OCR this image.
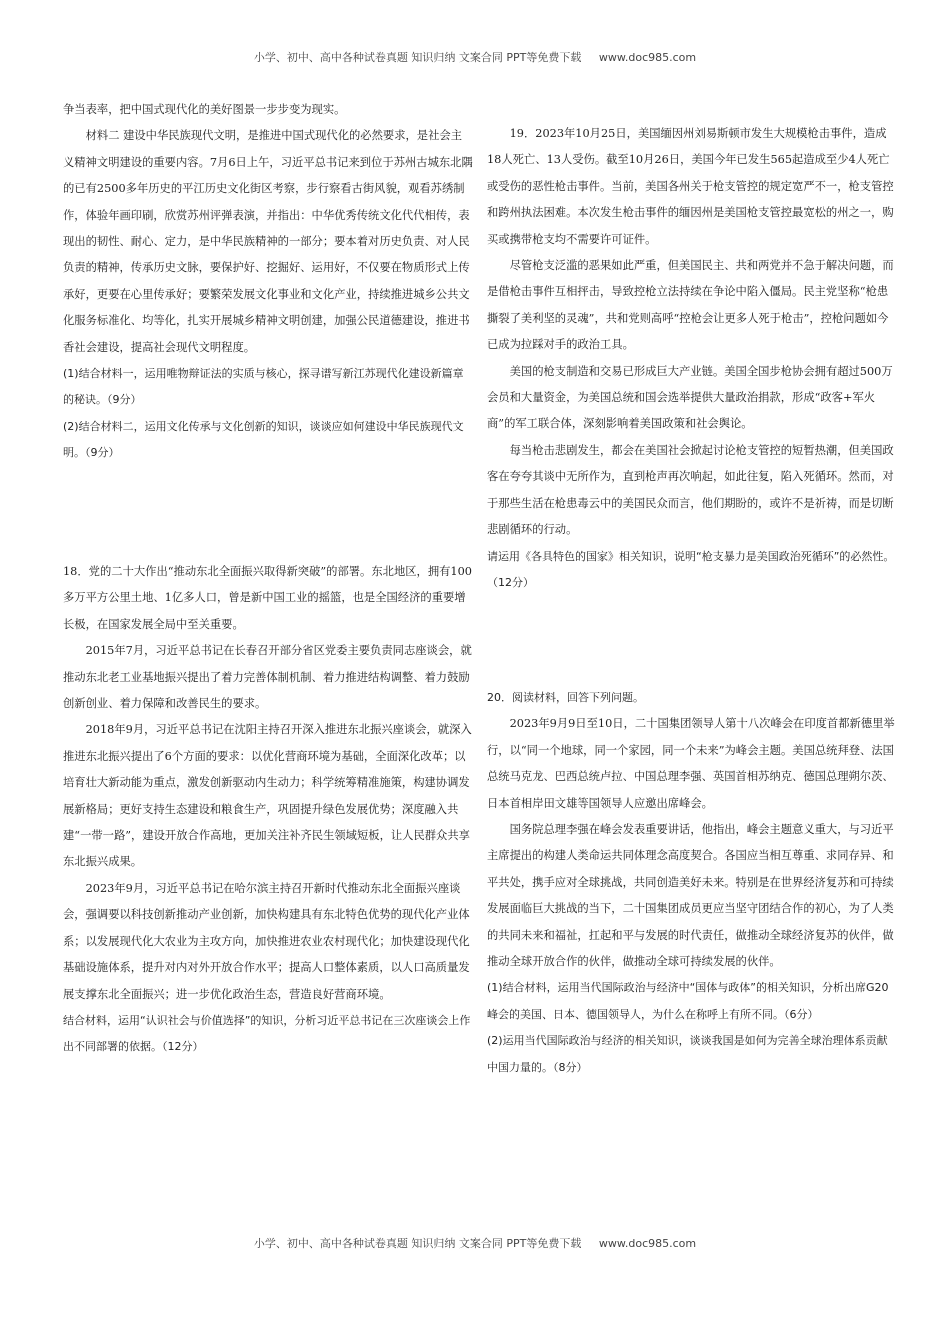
小学、初中、高中各种试卷真题 知识归纳 文案合同 PPT等免费下载 www.doc985.com

争当表率，把中国式现代化的美好图景一步步变为现实。

材料二 建设中华民族现代文明，是推进中国式现代化的必然要求，是社会主义精神文明建设的重要内容。7月6日上午，习近平总书记来到位于苏州古城东北隅的已有2500多年历史的平江历史文化街区考察，步行察看古街风貌，观看苏绣制作，体验年画印刷，欣赏苏州评弹表演，并指出：中华优秀传统文化代代相传，表现出的韧性、耐心、定力，是中华民族精神的一部分；要本着对历史负责、对人民负责的精神，传承历史文脉，要保护好、挖掘好、运用好，不仅要在物质形式上传承好，更要在心里传承好；要繁荣发展文化事业和文化产业，持续推进城乡公共文化服务标准化、均等化，扎实开展城乡精神文明创建，加强公民道德建设，推进书香社会建设，提高社会现代文明程度。

(1)结合材料一，运用唯物辩证法的实质与核心，探寻谱写新江苏现代化建设新篇章的秘诀。（9分）

(2)结合材料二，运用文化传承与文化创新的知识，谈谈应如何建设中华民族现代文明。（9分）

18．党的二十大作出“推动东北全面振兴取得新突破”的部署。东北地区，拥有100多万平方公里土地、1亿多人口，曾是新中国工业的摇篮，也是全国经济的重要增长极，在国家发展全局中至关重要。

2015年7月，习近平总书记在长春召开部分省区党委主要负责同志座谈会，就推动东北老工业基地振兴提出了着力完善体制机制、着力推进结构调整、着力鼓励创新创业、着力保障和改善民生的要求。

2018年9月，习近平总书记在沈阳主持召开深入推进东北振兴座谈会，就深入推进东北振兴提出了6个方面的要求：以优化营商环境为基础，全面深化改革；以培育壮大新动能为重点，激发创新驱动内生动力；科学统筹精准施策，构建协调发展新格局；更好支持生态建设和粮食生产，巩固提升绿色发展优势；深度融入共建“一带一路”，建设开放合作高地，更加关注补齐民生领域短板，让人民群众共享东北振兴成果。

2023年9月，习近平总书记在哈尔滨主持召开新时代推动东北全面振兴座谈会，强调要以科技创新推动产业创新，加快构建具有东北特色优势的现代化产业体系；以发展现代化大农业为主攻方向，加快推进农业农村现代化；加快建设现代化基础设施体系，提升对内对外开放合作水平；提高人口整体素质，以人口高质量发展支撑东北全面振兴；进一步优化政治生态，营造良好营商环境。

结合材料，运用“认识社会与价值选择”的知识，分析习近平总书记在三次座谈会上作出不同部署的依据。（12分）

19．2023年10月25日，美国缅因州刘易斯顿市发生大规模枪击事件，造成18人死亡、13人受伤。截至10月26日，美国今年已发生565起造成至少4人死亡或受伤的恶性枪击事件。当前，美国各州关于枪支管控的规定宽严不一，枪支管控和跨州执法困难。本次发生枪击事件的缅因州是美国枪支管控最宽松的州之一，购买或携带枪支均不需要许可证件。

尽管枪支泛滥的恶果如此严重，但美国民主、共和两党并不急于解决问题，而是借枪击事件互相抨击，导致控枪立法持续在争论中陷入僵局。民主党坚称“枪患撕裂了美利坚的灵魂”，共和党则高呼“控枪会让更多人死于枪击”，控枪问题如今已成为拉踩对手的政治工具。

美国的枪支制造和交易已形成巨大产业链。美国全国步枪协会拥有超过500万会员和大量资金，为美国总统和国会选举提供大量政治捐款，形成“政客+军火商”的军工联合体，深刻影响着美国政策和社会舆论。

每当枪击悲剧发生，都会在美国社会掀起讨论枪支管控的短暂热潮，但美国政客在夸夸其谈中无所作为，直到枪声再次响起，如此往复，陷入死循环。然而，对于那些生活在枪患毒云中的美国民众而言，他们期盼的，或许不是祈祷，而是切断悲剧循环的行动。

请运用《各具特色的国家》相关知识，说明“枪支暴力是美国政治死循环”的必然性。（12分）

20．阅读材料，回答下列问题。

2023年9月9日至10日，二十国集团领导人第十八次峰会在印度首都新德里举行，以“同一个地球，同一个家园，同一个未来”为峰会主题。美国总统拜登、法国总统马克龙、巴西总统卢拉、中国总理李强、英国首相苏纳克、德国总理朔尔茨、日本首相岸田文雄等国领导人应邀出席峰会。

国务院总理李强在峰会发表重要讲话，他指出，峰会主题意义重大，与习近平主席提出的构建人类命运共同体理念高度契合。各国应当相互尊重、求同存异、和平共处，携手应对全球挑战，共同创造美好未来。特别是在世界经济复苏和可持续发展面临巨大挑战的当下，二十国集团成员更应当坚守团结合作的初心，为了人类的共同未来和福祉，扛起和平与发展的时代责任，做推动全球经济复苏的伙伴，做推动全球开放合作的伙伴，做推动全球可持续发展的伙伴。

(1)结合材料，运用当代国际政治与经济中“国体与政体”的相关知识，分析出席G20峰会的美国、日本、德国领导人，为什么在称呼上有所不同。（6分）

(2)运用当代国际政治与经济的相关知识，谈谈我国是如何为完善全球治理体系贡献中国力量的。（8分）

小学、初中、高中各种试卷真题 知识归纳 文案合同 PPT等免费下载 www.doc985.com
